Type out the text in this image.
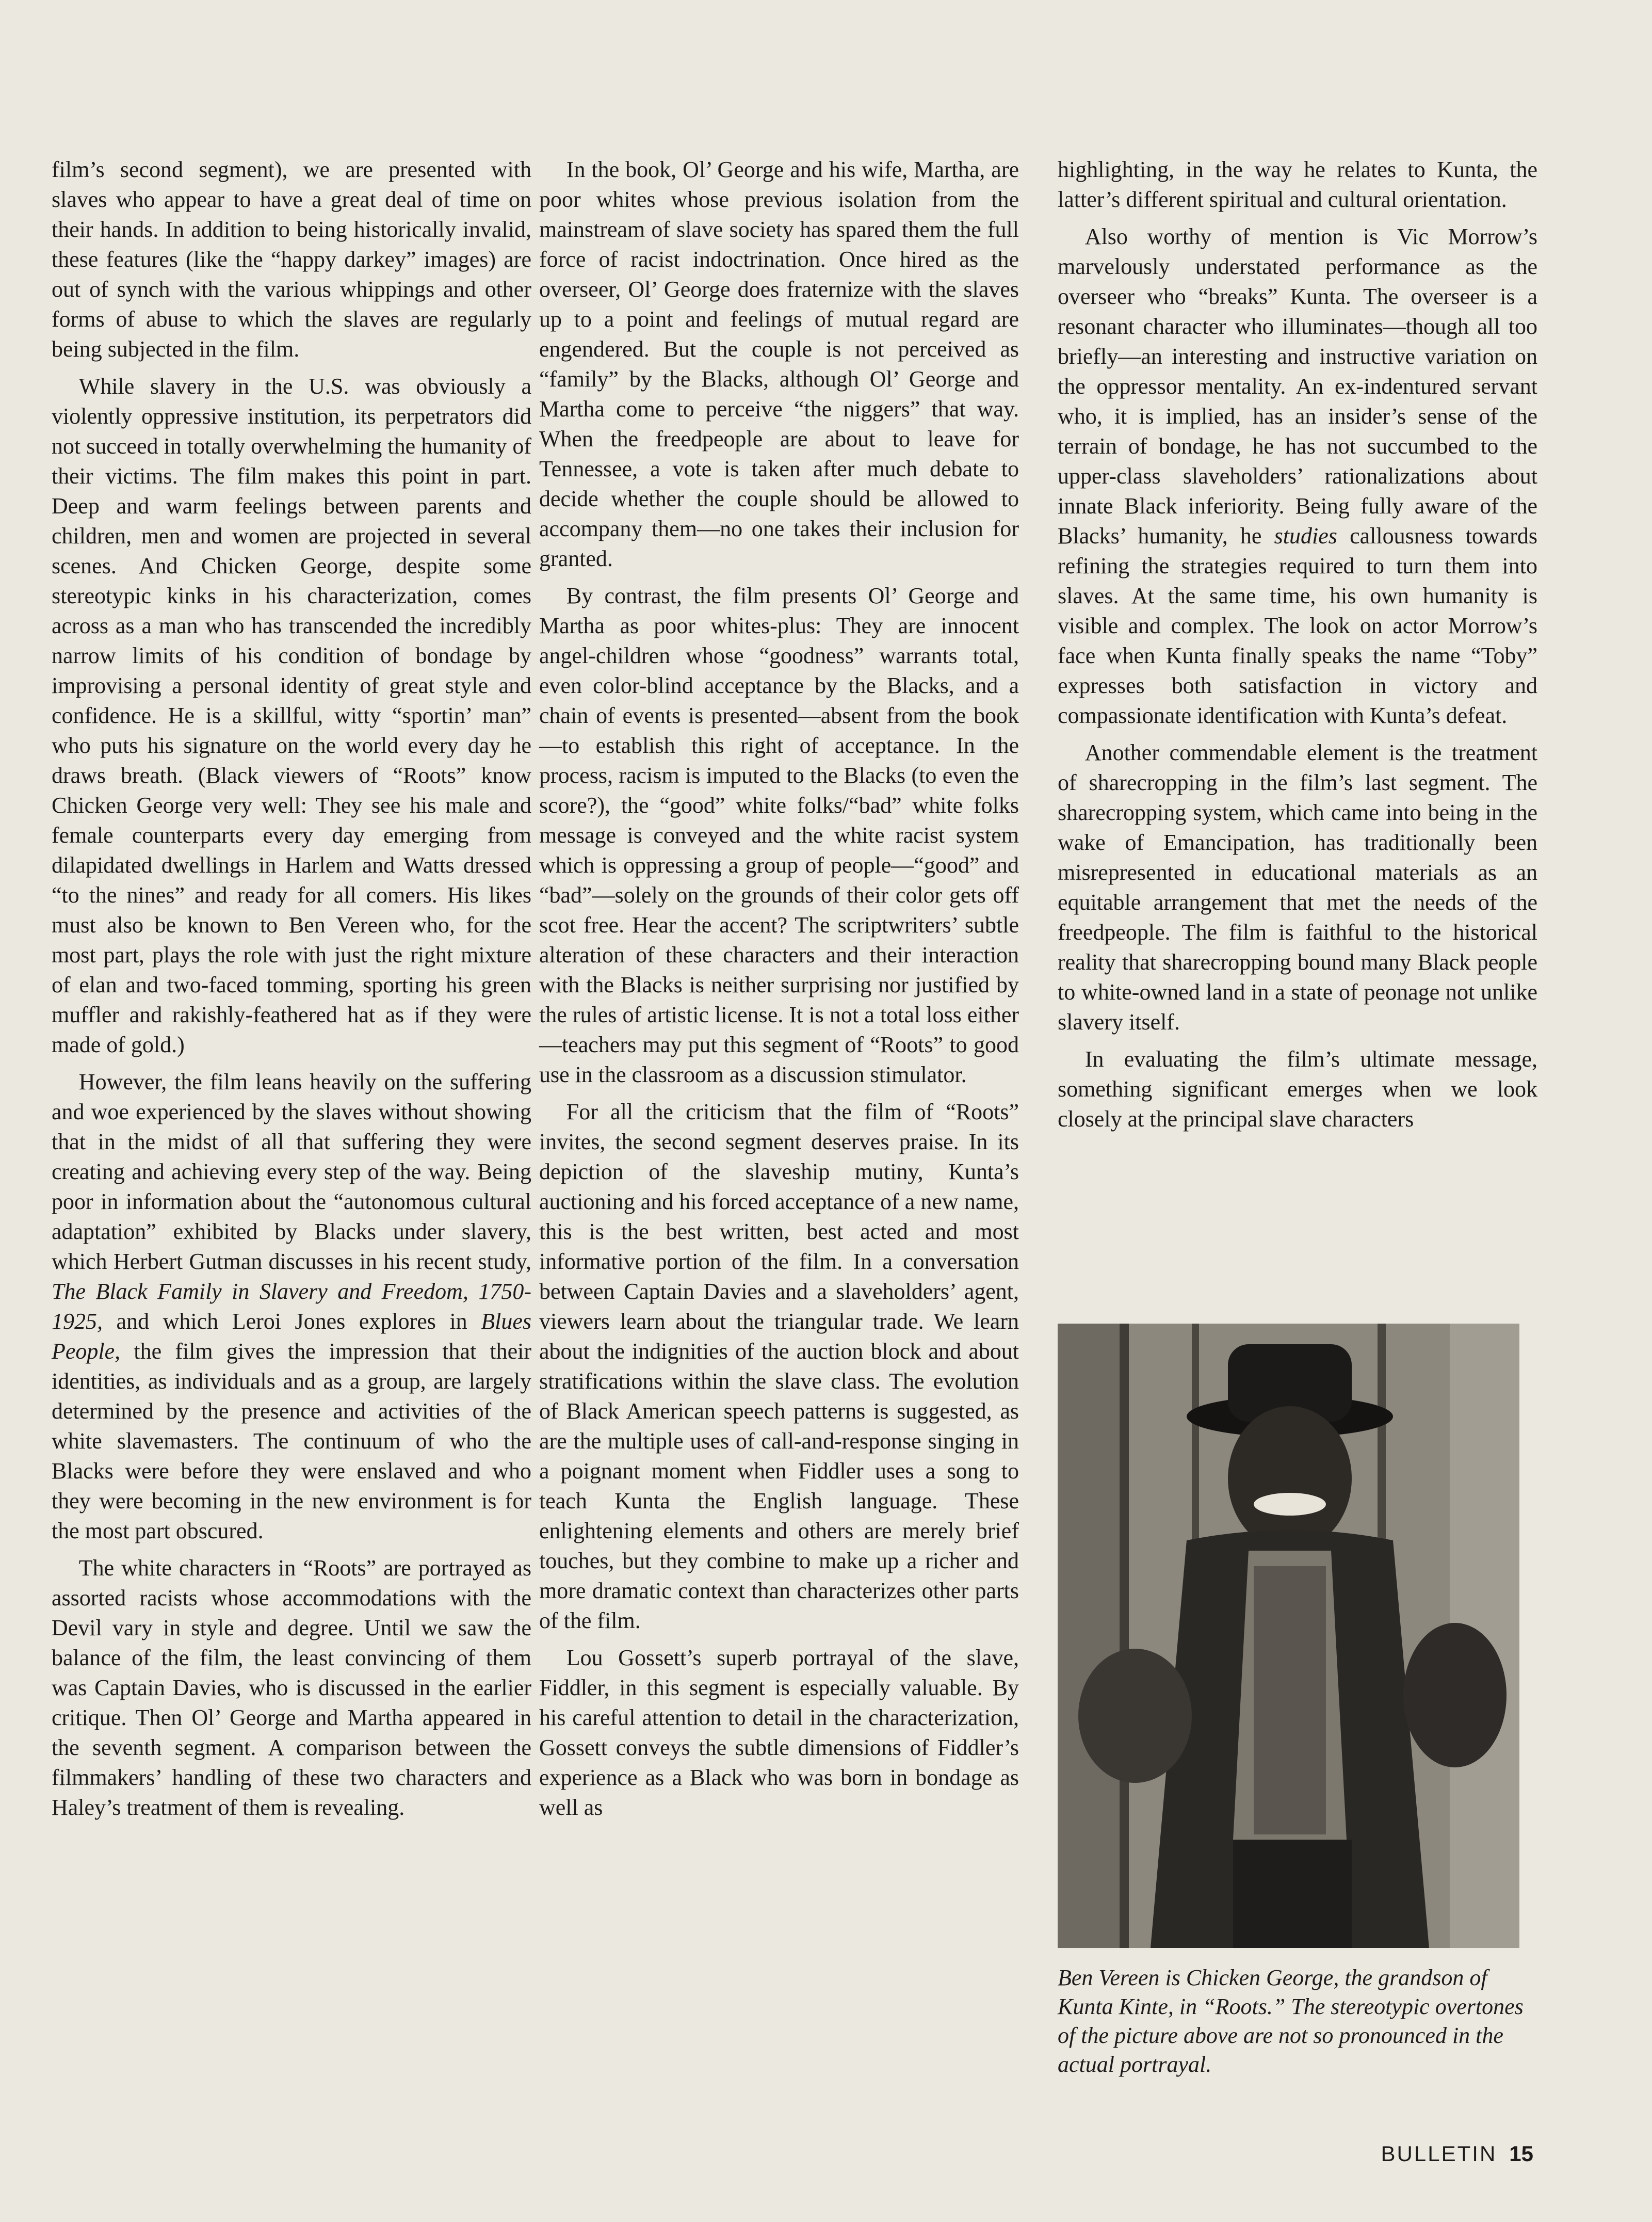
film’s second segment), we are presented with slaves who appear to have a great deal of time on their hands. In addition to being historically invalid, these features (like the “happy darkey” images) are out of synch with the various whippings and other forms of abuse to which the slaves are regularly being subjected in the film.

While slavery in the U.S. was obviously a violently oppressive institution, its perpetrators did not succeed in totally overwhelming the humanity of their victims. The film makes this point in part. Deep and warm feelings between parents and children, men and women are projected in several scenes. And Chicken George, despite some stereotypic kinks in his characterization, comes across as a man who has transcended the incredibly narrow limits of his condition of bondage by improvising a personal identity of great style and confidence. He is a skillful, witty “sportin’ man” who puts his signature on the world every day he draws breath. (Black viewers of “Roots” know Chicken George very well: They see his male and female counterparts every day emerging from dilapidated dwellings in Harlem and Watts dressed “to the nines” and ready for all comers. His likes must also be known to Ben Vereen who, for the most part, plays the role with just the right mixture of elan and two-faced tomming, sporting his green muffler and rakishly-feathered hat as if they were made of gold.)

However, the film leans heavily on the suffering and woe experienced by the slaves without showing that in the midst of all that suffering they were creating and achieving every step of the way. Being poor in information about the “autonomous cultural adaptation” exhibited by Blacks under slavery, which Herbert Gutman discusses in his recent study, The Black Family in Slavery and Freedom, 1750-1925, and which Leroi Jones explores in Blues People, the film gives the impression that their identities, as individuals and as a group, are largely determined by the presence and activities of the white slavemasters. The continuum of who the Blacks were before they were enslaved and who they were becoming in the new environment is for the most part obscured.

The white characters in “Roots” are portrayed as assorted racists whose accommodations with the Devil vary in style and degree. Until we saw the balance of the film, the least convincing of them was Captain Davies, who is discussed in the earlier critique. Then Ol’ George and Martha appeared in the seventh segment. A comparison between the filmmakers’ handling of these two characters and Haley’s treatment of them is revealing.

In the book, Ol’ George and his wife, Martha, are poor whites whose previous isolation from the mainstream of slave society has spared them the full force of racist indoctrination. Once hired as the overseer, Ol’ George does fraternize with the slaves up to a point and feelings of mutual regard are engendered. But the couple is not perceived as “family” by the Blacks, although Ol’ George and Martha come to perceive “the niggers” that way. When the freedpeople are about to leave for Tennessee, a vote is taken after much debate to decide whether the couple should be allowed to accompany them—no one takes their inclusion for granted.

By contrast, the film presents Ol’ George and Martha as poor whites-plus: They are innocent angel-children whose “goodness” warrants total, even color-blind acceptance by the Blacks, and a chain of events is presented—absent from the book—to establish this right of acceptance. In the process, racism is imputed to the Blacks (to even the score?), the “good” white folks/“bad” white folks message is conveyed and the white racist system which is oppressing a group of people—“good” and “bad”—solely on the grounds of their color gets off scot free. Hear the accent? The scriptwriters’ subtle alteration of these characters and their interaction with the Blacks is neither surprising nor justified by the rules of artistic license. It is not a total loss either—teachers may put this segment of “Roots” to good use in the classroom as a discussion stimulator.

For all the criticism that the film of “Roots” invites, the second segment deserves praise. In its depiction of the slaveship mutiny, Kunta’s auctioning and his forced acceptance of a new name, this is the best written, best acted and most informative portion of the film. In a conversation between Captain Davies and a slaveholders’ agent, viewers learn about the triangular trade. We learn about the indignities of the auction block and about stratifications within the slave class. The evolution of Black American speech patterns is suggested, as are the multiple uses of call-and-response singing in a poignant moment when Fiddler uses a song to teach Kunta the English language. These enlightening elements and others are merely brief touches, but they combine to make up a richer and more dramatic context than characterizes other parts of the film.

Lou Gossett’s superb portrayal of the slave, Fiddler, in this segment is especially valuable. By his careful attention to detail in the characterization, Gossett conveys the subtle dimensions of Fiddler’s experience as a Black who was born in bondage as well as

highlighting, in the way he relates to Kunta, the latter’s different spiritual and cultural orientation.

Also worthy of mention is Vic Morrow’s marvelously understated performance as the overseer who “breaks” Kunta. The overseer is a resonant character who illuminates—though all too briefly—an interesting and instructive variation on the oppressor mentality. An ex-indentured servant who, it is implied, has an insider’s sense of the terrain of bondage, he has not succumbed to the upper-class slaveholders’ rationalizations about innate Black inferiority. Being fully aware of the Blacks’ humanity, he studies callousness towards refining the strategies required to turn them into slaves. At the same time, his own humanity is visible and complex. The look on actor Morrow’s face when Kunta finally speaks the name “Toby” expresses both satisfaction in victory and compassionate identification with Kunta’s defeat.

Another commendable element is the treatment of sharecropping in the film’s last segment. The sharecropping system, which came into being in the wake of Emancipation, has traditionally been misrepresented in educational materials as an equitable arrangement that met the needs of the freedpeople. The film is faithful to the historical reality that sharecropping bound many Black people to white-owned land in a state of peonage not unlike slavery itself.

In evaluating the film’s ultimate message, something significant emerges when we look closely at the principal slave characters

Ben Vereen is Chicken George, the grandson of Kunta Kinte, in “Roots.” The stereotypic overtones of the picture above are not so pronounced in the actual portrayal.
BULLETIN 15
